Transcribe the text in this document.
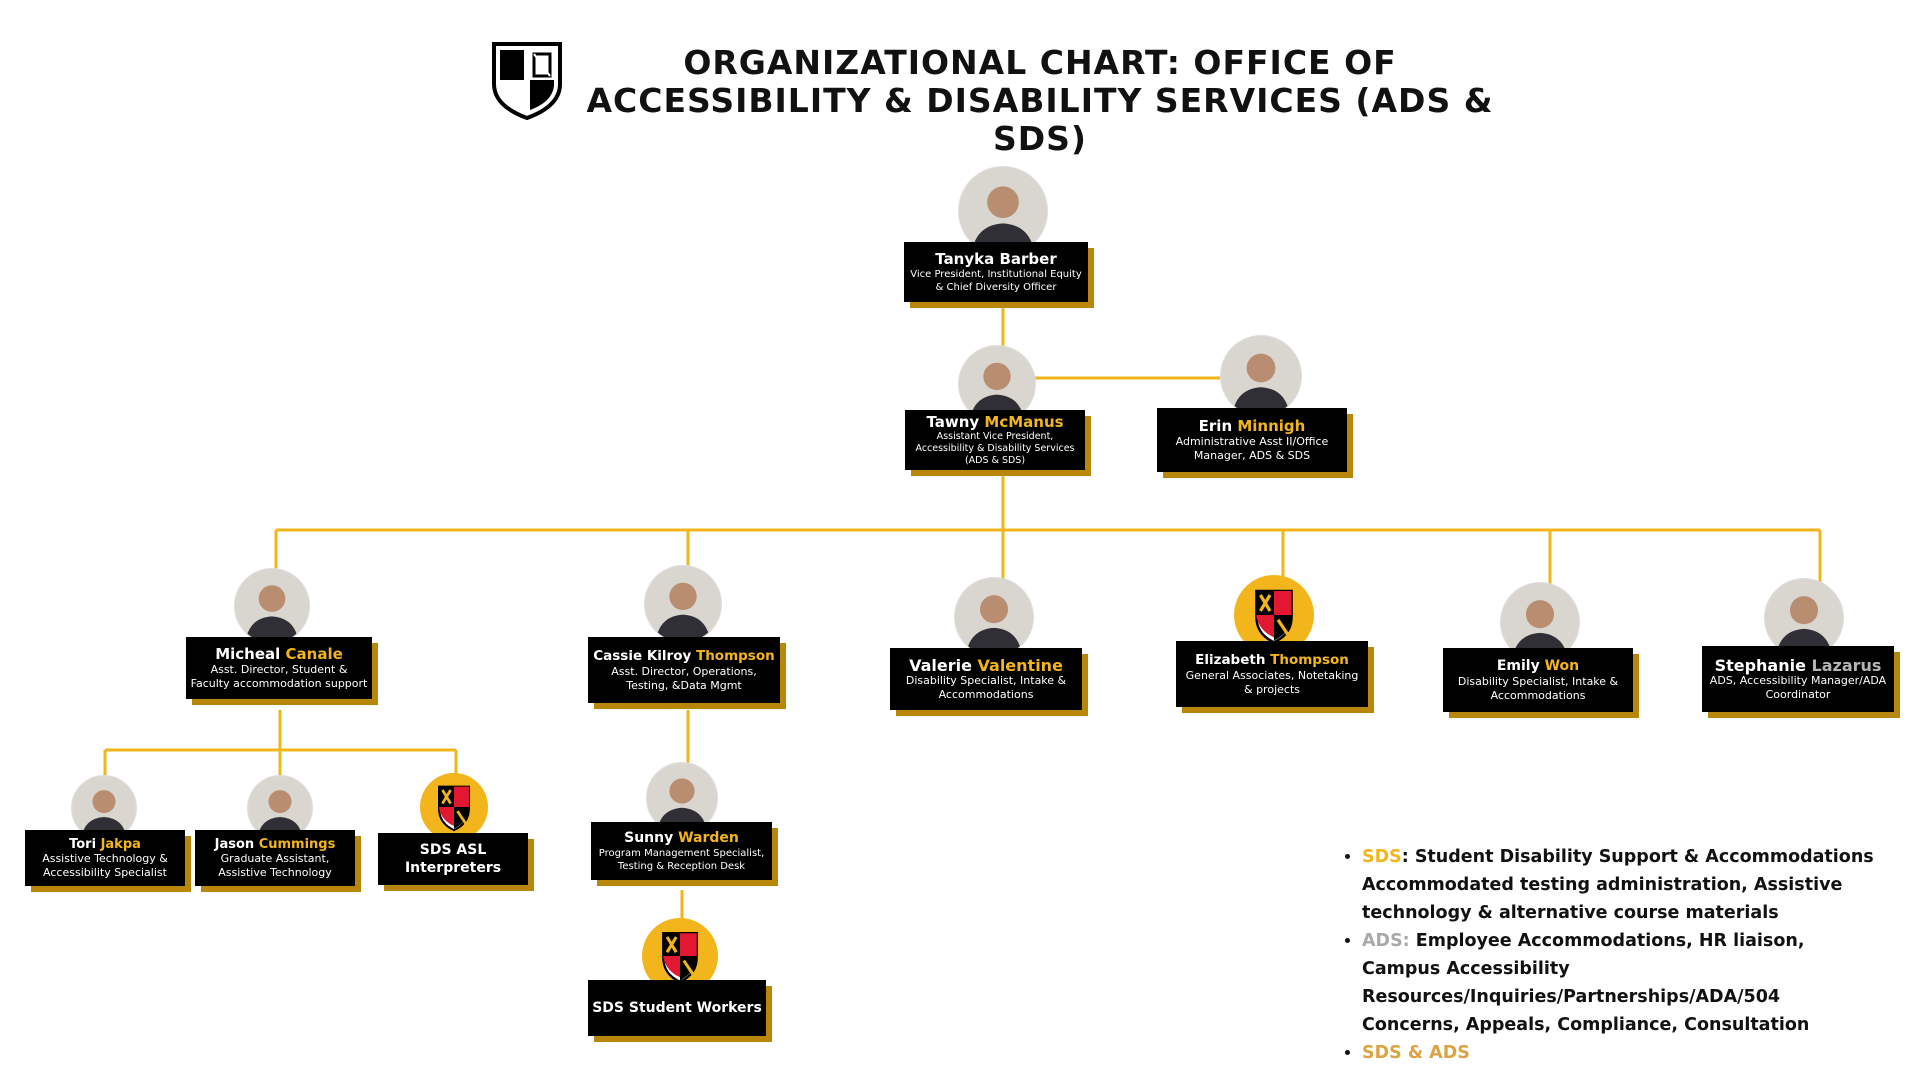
ORGANIZATIONAL CHART: OFFICE OF
ACCESSIBILITY & DISABILITY SERVICES (ADS & SDS)
Tanyka Barber
Vice President, Institutional Equity & Chief Diversity Officer
Tawny McManus
Assistant Vice President, Accessibility & Disability Services (ADS & SDS)
Erin Minnigh
Administrative Asst II/Office Manager, ADS & SDS
Micheal Canale
Asst. Director, Student & Faculty accommodation support
Cassie Kilroy Thompson
Asst. Director, Operations, Testing, &Data Mgmt
Valerie Valentine
Disability Specialist, Intake & Accommodations
Elizabeth Thompson
General Associates, Notetaking & projects
Emily Won
Disability Specialist, Intake & Accommodations
Stephanie Lazarus
ADS, Accessibility Manager/ADA Coordinator
Tori Jakpa
Assistive Technology & Accessibility Specialist
Jason Cummings
Graduate Assistant, Assistive Technology
SDS ASL Interpreters
Sunny Warden
Program Management Specialist, Testing & Reception Desk
SDS Student Workers
• SDS: Student Disability Support & Accommodations Accommodated testing administration, Assistive technology & alternative course materials
• ADS: Employee Accommodations, HR liaison, Campus Accessibility Resources/Inquiries/Partnerships/ADA/504 Concerns, Appeals, Compliance, Consultation
• SDS & ADS
